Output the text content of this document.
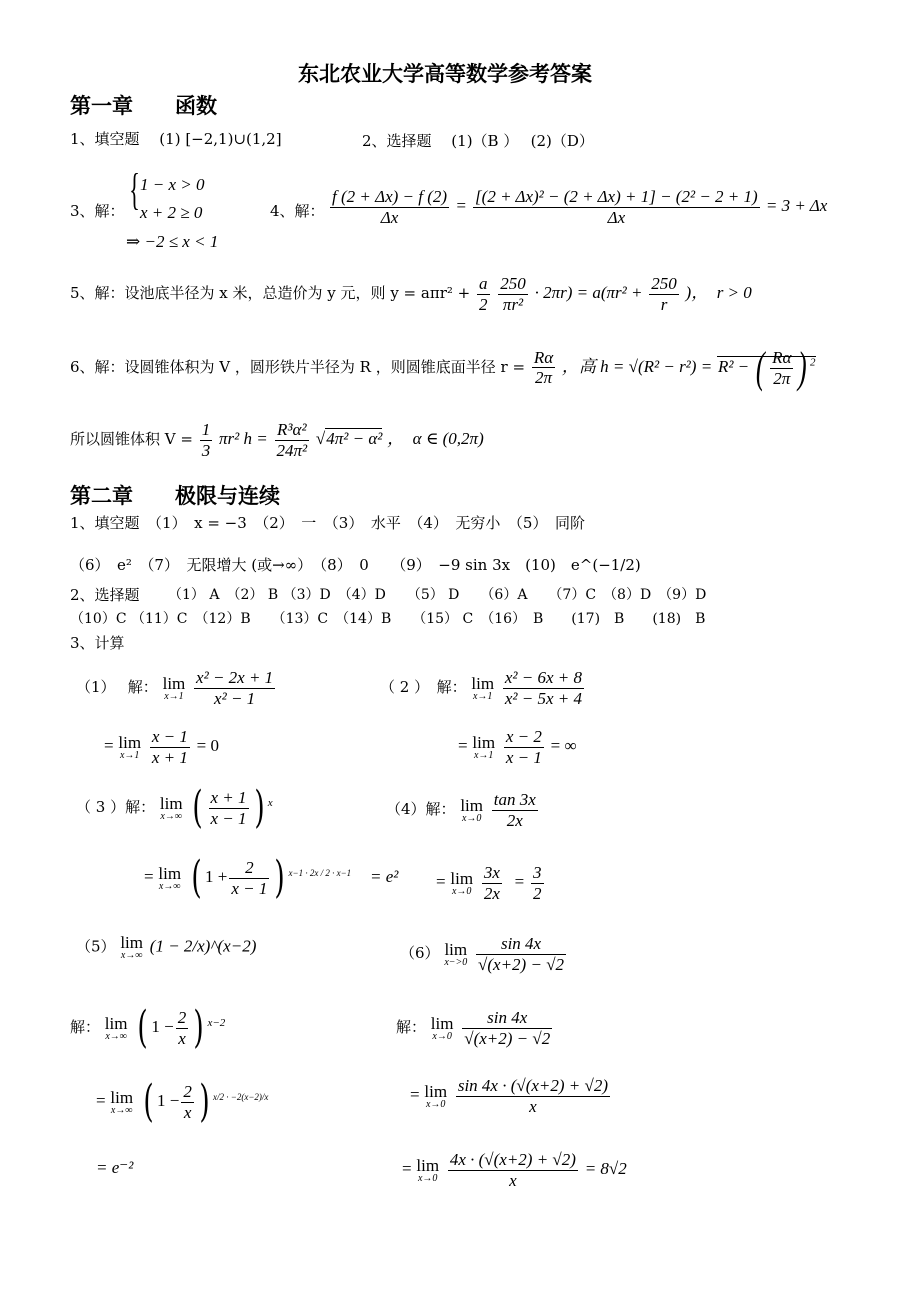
东北农业大学高等数学参考答案
第一章　　函数
1、填空题　 (1) [−2,1)∪(1,2]	2、选择题　 (1)（B ）　 (2)（D）
3、解： { 1 − x > 0
x + 2 ≥ 0
⇒ −2 ≤ x < 1
4、解： $\frac{f (2 + \Delta x) - f (2)}{\Delta x} = \frac{\text{[(2 + Δx)² − (2 + Δx) + 1] − (2² − 2 + 1)}}{\Delta x} = 3 + \Delta x$
5、解：设池底半径为 x 米，总造价为 y 元，则 $y = a\pi r^2 + \frac{a}{2}$
$\frac{250}{\text{πr²}} \cdot 2\pi r) = a(\pi r^2 + \frac{250}{r}$ )，　r > 0
6、解：设圆锥体积为 V ，圆形铁片半径为 R ，则圆锥底面半径 $r = \frac{R\alpha}{2\pi}$ ，高 h = √(R² − r²) = R² − ( $\frac{R\alpha}{2\pi}$ ) $^2$
所以圆锥体积 $V = \frac{1}{3} \pi r^2$ $h = \frac{\text{R³α²}}{\text{24π²}} √4\pi^2 - \alpha^2$ ，　α ∈ (0,2π)
第二章　　极限与连续
1、填空题　（1）　x = −3　（2）　一　（3）　水平　（4）　无穷小　（5）　同阶
（6）　e²　（7）　无限增大 (或→∞）　（8）　0　　（9）　−9 sin 3x　(10)　e^(−1/2)
2、选择题 （1） A　（2） B （3）D　（4）D　　（5） D　　（6）A　　（7）C　（8）D　（9）D
（10）C （11）C　（12）B　　（13）C　（14）B　　（15） C　（16）　B　　(17)　B　　(18)　B
3、计算
（1）　 解： lim
x→1
$\frac{\text{x² − 2x + 1}}{\text{x² − 1}}$
= lim
x→1
$\frac{x - 1}{x + 1} = 0$
（ 2 ）　解： lim
x→1
$\frac{\text{x² − 6x + 8}}{\text{x² − 5x + 4}}$
= lim
x→1
$\frac{x - 2}{x - 1}$ = ∞
（ 3 ）解： lim
x→∞ ( $\frac{x + 1}{x - 1}$ ) $^x$
= lim
x→∞ ( $1 + \frac{2}{x - 1}$ ) $^{x-1 \cdot 2x / 2 \cdot x-1}$ = e²
（4）解： lim
x→0
$\frac{\tan 3x}{2x}$
= lim
x→0
$\frac{3x}{2x} = \frac{3}{2}$
（5） lim
x→∞ (1 − 2/x)^(x−2)	（6） lim
x−>0
$\frac{\sin 4x}{√(x+2) - √2}$
解： lim
x→∞ ( $1 - \frac{2}{x}$ ) $^{x-2}$
= lim
x→∞ ( $1 - \frac{2}{x}$ ) $^{x/2 \cdot -2(x-2)/x}$
= e⁻²
解： lim
x→0
$\frac{\sin 4x}{√(x+2) - √2}$
= lim
x→0
$\frac{\sin 4x \cdot (√(x+2) + √2)}{x}$
= lim
x→0
$\frac{4x \cdot (√(x+2) + √2)}{x} = 8√2$
